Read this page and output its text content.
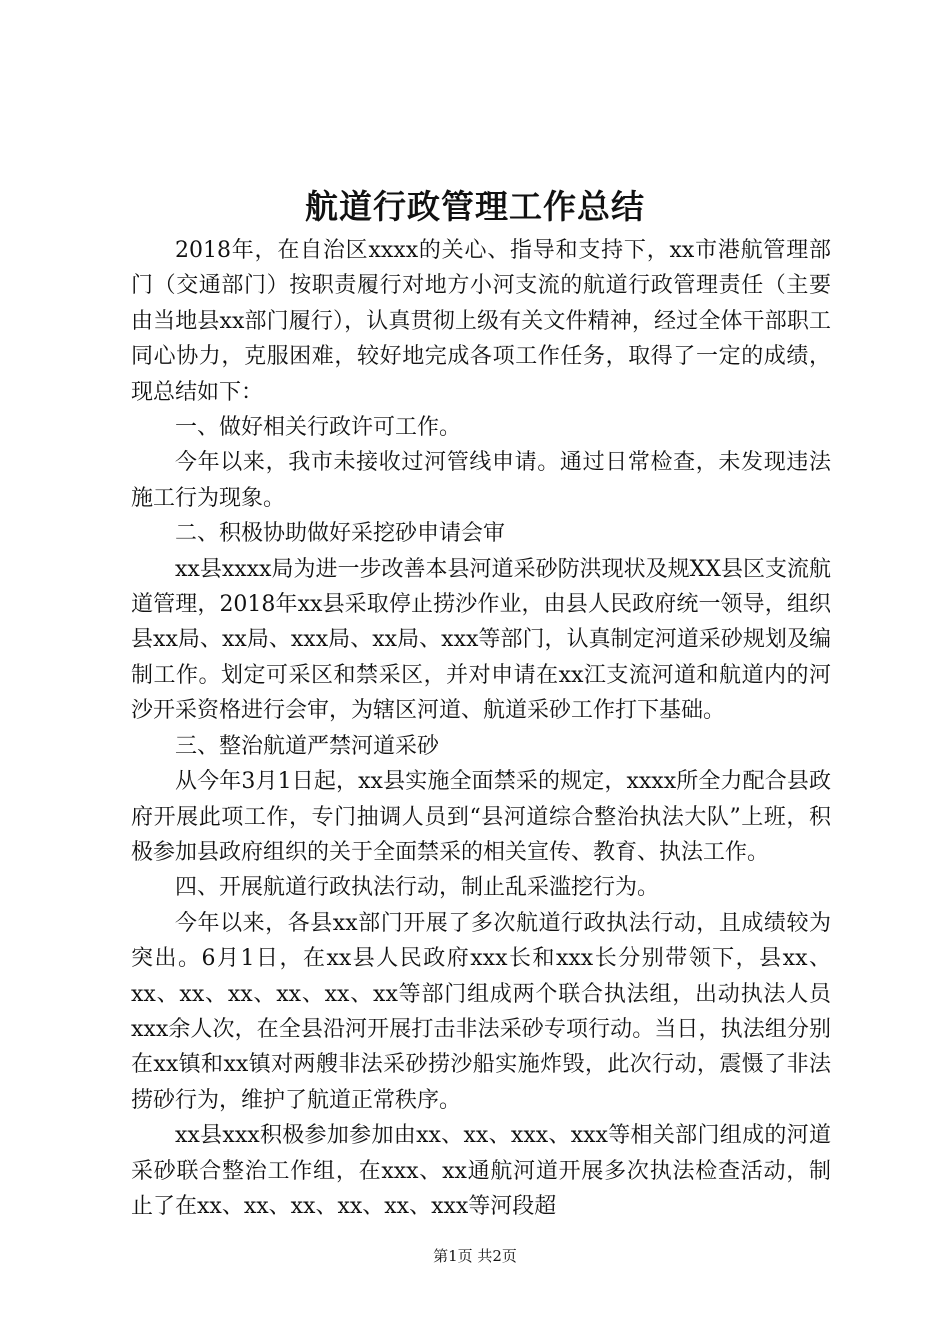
航道行政管理工作总结

2018年，在自治区xxxx的关心、指导和支持下，xx市港航管理部门（交通部门）按职责履行对地方小河支流的航道行政管理责任（主要由当地县xx部门履行），认真贯彻上级有关文件精神，经过全体干部职工同心协力，克服困难，较好地完成各项工作任务，取得了一定的成绩，现总结如下：

一、做好相关行政许可工作。

今年以来，我市未接收过河管线申请。通过日常检查，未发现违法施工行为现象。

二、积极协助做好采挖砂申请会审

xx县xxxx局为进一步改善本县河道采砂防洪现状及规XX县区支流航道管理，2018年xx县采取停止捞沙作业，由县人民政府统一领导，组织县xx局、xx局、xxx局、xx局、xxx等部门，认真制定河道采砂规划及编制工作。划定可采区和禁采区，并对申请在xx江支流河道和航道内的河沙开采资格进行会审，为辖区河道、航道采砂工作打下基础。

三、整治航道严禁河道采砂

从今年3月1日起，xx县实施全面禁采的规定，xxxx所全力配合县政府开展此项工作，专门抽调人员到“县河道综合整治执法大队”上班，积极参加县政府组织的关于全面禁采的相关宣传、教育、执法工作。

四、开展航道行政执法行动，制止乱采滥挖行为。

今年以来，各县xx部门开展了多次航道行政执法行动，且成绩较为突出。6月1日，在xx县人民政府xxx长和xxx长分别带领下，县xx、xx、xx、xx、xx、xx、xx等部门组成两个联合执法组，出动执法人员xxx余人次，在全县沿河开展打击非法采砂专项行动。当日，执法组分别在xx镇和xx镇对两艘非法采砂捞沙船实施炸毁，此次行动，震慑了非法捞砂行为，维护了航道正常秩序。

xx县xxx积极参加参加由xx、xx、xxx、xxx等相关部门组成的河道采砂联合整治工作组，在xxx、xx通航河道开展多次执法检查活动，制止了在xx、xx、xx、xx、xx、xxx等河段超

第1页 共2页
